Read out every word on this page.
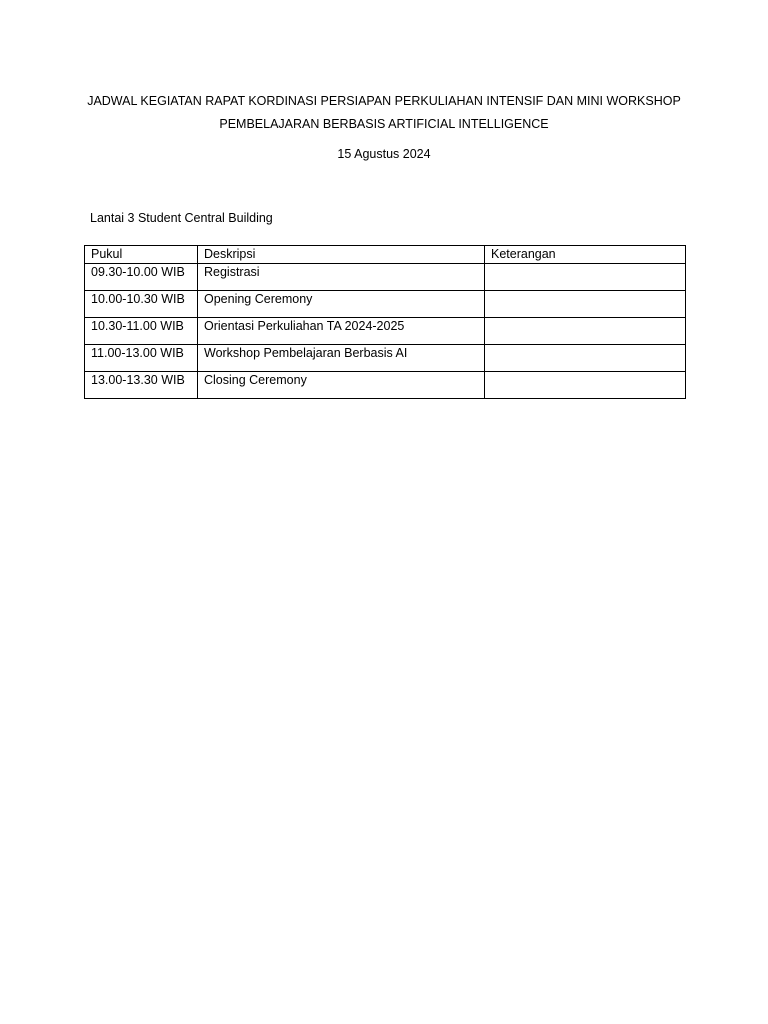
JADWAL KEGIATAN RAPAT KORDINASI PERSIAPAN PERKULIAHAN INTENSIF DAN MINI WORKSHOP
PEMBELAJARAN BERBASIS ARTIFICIAL INTELLIGENCE
15 Agustus 2024
Lantai 3 Student Central Building
Pukul	Deskripsi	Keterangan
09.30-10.00 WIB	Registrasi	
10.00-10.30 WIB	Opening Ceremony	
10.30-11.00 WIB	Orientasi Perkuliahan TA 2024-2025	
11.00-13.00 WIB	Workshop Pembelajaran Berbasis AI	
13.00-13.30 WIB	Closing Ceremony	
